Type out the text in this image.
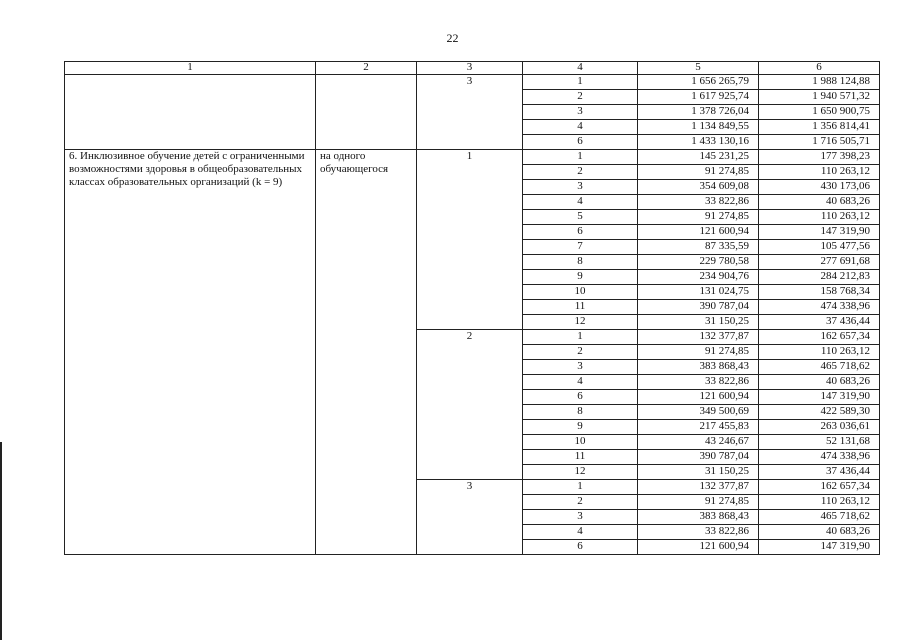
22
1	2	3	4	5	6
		3	1	1 656 265,79	1 988 124,88
			2	1 617 925,74	1 940 571,32
			3	1 378 726,04	1 650 900,75
			4	1 134 849,55	1 356 814,41
			6	1 433 130,16	1 716 505,71
6. Инклюзивное обучение детей с ограниченными возможностями здоровья в общеобразовательных классах образовательных организаций (k = 9)	на одного обучающегося	1	1	145 231,25	177 398,23
			2	91 274,85	110 263,12
			3	354 609,08	430 173,06
			4	33 822,86	40 683,26
			5	91 274,85	110 263,12
			6	121 600,94	147 319,90
			7	87 335,59	105 477,56
			8	229 780,58	277 691,68
			9	234 904,76	284 212,83
			10	131 024,75	158 768,34
			11	390 787,04	474 338,96
			12	31 150,25	37 436,44
		2	1	132 377,87	162 657,34
			2	91 274,85	110 263,12
			3	383 868,43	465 718,62
			4	33 822,86	40 683,26
			6	121 600,94	147 319,90
			8	349 500,69	422 589,30
			9	217 455,83	263 036,61
			10	43 246,67	52 131,68
			11	390 787,04	474 338,96
			12	31 150,25	37 436,44
		3	1	132 377,87	162 657,34
			2	91 274,85	110 263,12
			3	383 868,43	465 718,62
			4	33 822,86	40 683,26
			6	121 600,94	147 319,90
